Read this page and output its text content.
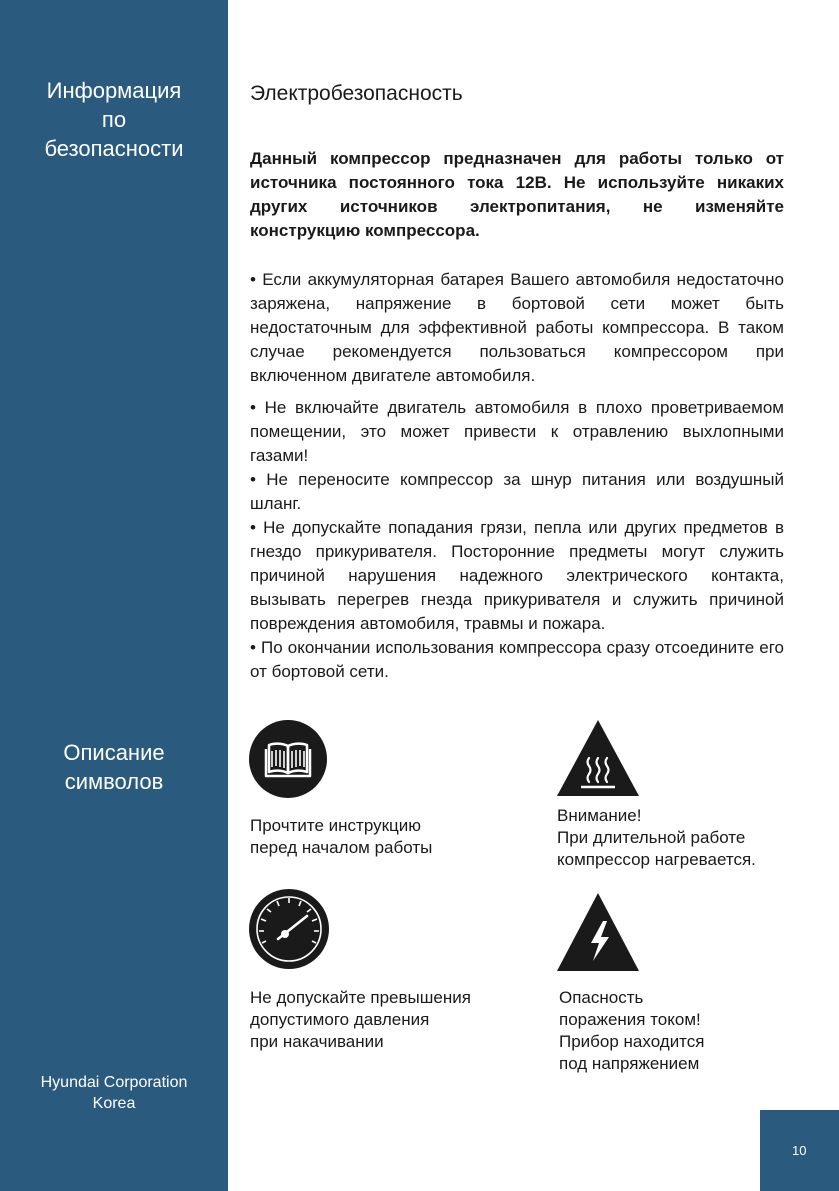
Информация
по
безопасности
Описание
символов
Hyundai Corporation
Korea
Электробезопасность

Данный компрессор предназначен для работы только от источника постоянного тока 12В. Не используйте никаких других источников электропитания, не изменяйте конструкцию компрессора.

• Если аккумуляторная батарея Вашего автомобиля недостаточно заряжена, напряжение в бортовой сети может быть недостаточным для эффективной работы компрессора. В таком случае рекомендуется пользоваться компрессором при включенном двигателе автомобиля.

• Не включайте двигатель автомобиля в плохо проветриваемом помещении, это может привести к отравлению выхлопными газами!

• Не переносите компрессор за шнур питания или воздушный шланг.

• Не допускайте попадания грязи, пепла или других предметов в гнездо прикуривателя. Посторонние предметы могут служить причиной нарушения надежного электрического контакта, вызывать перегрев гнезда прикуривателя и служить причиной повреждения автомобиля, травмы и пожара.

• По окончании использования компрессора сразу отсоедините его от бортовой сети.

Прочтите инструкцию
перед началом работы
Внимание!
При длительной работе
компрессор нагревается.
Не допускайте превышения
допустимого давления
при накачивании
Опасность
поражения током!
Прибор находится
под напряжением
10
